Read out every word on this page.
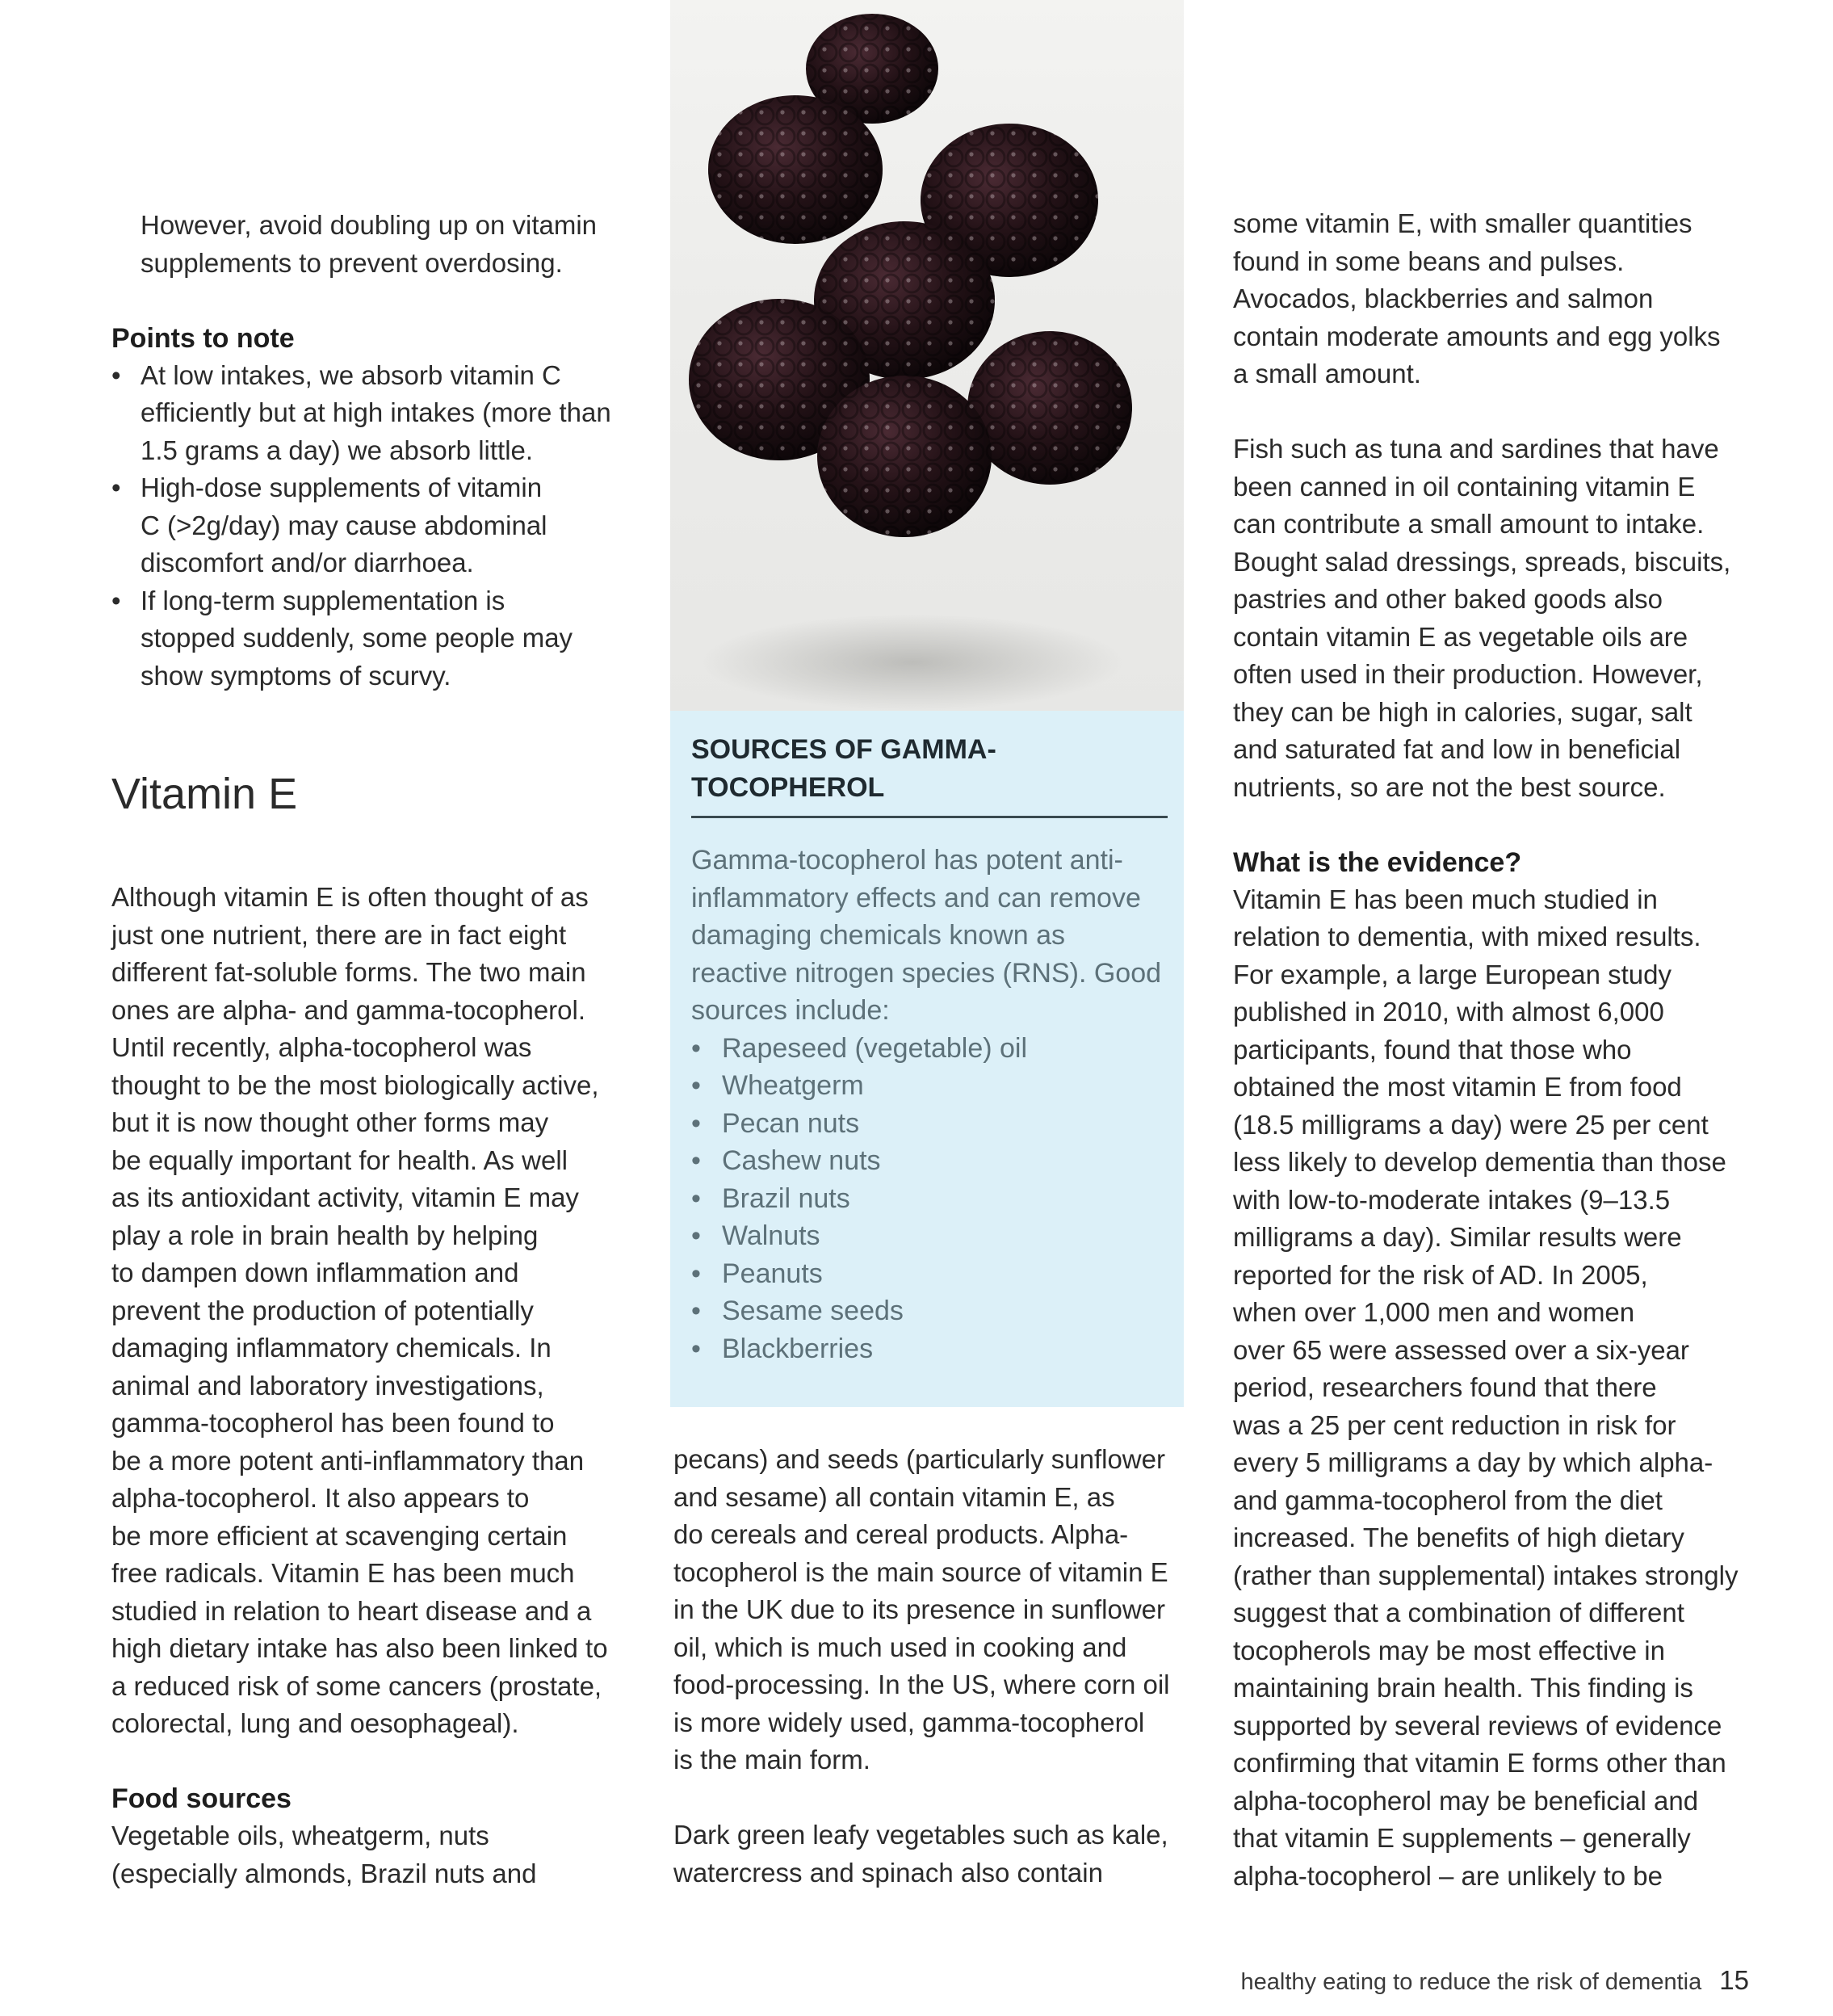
However, avoid doubling up on vitamin

supplements to prevent overdosing.

Points to note

• At low intakes, we absorb vitamin C

efficiently but at high intakes (more than

1.5 grams a day) we absorb little.

• High-dose supplements of vitamin

C (>2g/day) may cause abdominal

discomfort and/or diarrhoea.

• If long-term supplementation is

stopped suddenly, some people may

show symptoms of scurvy.

Vitamin E

Although vitamin E is often thought of as

just one nutrient, there are in fact eight

different fat-soluble forms. The two main

ones are alpha- and gamma-tocopherol.

Until recently, alpha-tocopherol was

thought to be the most biologically active,

but it is now thought other forms may

be equally important for health. As well

as its antioxidant activity, vitamin E may

play a role in brain health by helping

to dampen down inflammation and

prevent the production of potentially

damaging inflammatory chemicals. In

animal and laboratory investigations,

gamma-tocopherol has been found to

be a more potent anti-inflammatory than

alpha-tocopherol. It also appears to

be more efficient at scavenging certain

free radicals. Vitamin E has been much

studied in relation to heart disease and a

high dietary intake has also been linked to

a reduced risk of some cancers (prostate,

colorectal, lung and oesophageal).

Food sources

Vegetable oils, wheatgerm, nuts

(especially almonds, Brazil nuts and

SOURCES OF GAMMA-
TOCOPHEROL

Gamma-tocopherol has potent anti-

inflammatory effects and can remove

damaging chemicals known as

reactive nitrogen species (RNS). Good

sources include:

• Rapeseed (vegetable) oil
• Wheatgerm
• Pecan nuts
• Cashew nuts
• Brazil nuts
• Walnuts
• Peanuts
• Sesame seeds
• Blackberries

pecans) and seeds (particularly sunflower

and sesame) all contain vitamin E, as

do cereals and cereal products. Alpha-

tocopherol is the main source of vitamin E

in the UK due to its presence in sunflower

oil, which is much used in cooking and

food-processing. In the US, where corn oil

is more widely used, gamma-tocopherol

is the main form.

Dark green leafy vegetables such as kale,

watercress and spinach also contain

some vitamin E, with smaller quantities

found in some beans and pulses.

Avocados, blackberries and salmon

contain moderate amounts and egg yolks

a small amount.

Fish such as tuna and sardines that have

been canned in oil containing vitamin E

can contribute a small amount to intake.

Bought salad dressings, spreads, biscuits,

pastries and other baked goods also

contain vitamin E as vegetable oils are

often used in their production. However,

they can be high in calories, sugar, salt

and saturated fat and low in beneficial

nutrients, so are not the best source.

What is the evidence?

Vitamin E has been much studied in

relation to dementia, with mixed results.

For example, a large European study

published in 2010, with almost 6,000

participants, found that those who

obtained the most vitamin E from food

(18.5 milligrams a day) were 25 per cent

less likely to develop dementia than those

with low-to-moderate intakes (9–13.5

milligrams a day). Similar results were

reported for the risk of AD. In 2005,

when over 1,000 men and women

over 65 were assessed over a six-year

period, researchers found that there

was a 25 per cent reduction in risk for

every 5 milligrams a day by which alpha-

and gamma-tocopherol from the diet

increased. The benefits of high dietary

(rather than supplemental) intakes strongly

suggest that a combination of different

tocopherols may be most effective in

maintaining brain health. This finding is

supported by several reviews of evidence

confirming that vitamin E forms other than

alpha-tocopherol may be beneficial and

that vitamin E supplements – generally

alpha-tocopherol – are unlikely to be

healthy eating to reduce the risk of dementia 15
